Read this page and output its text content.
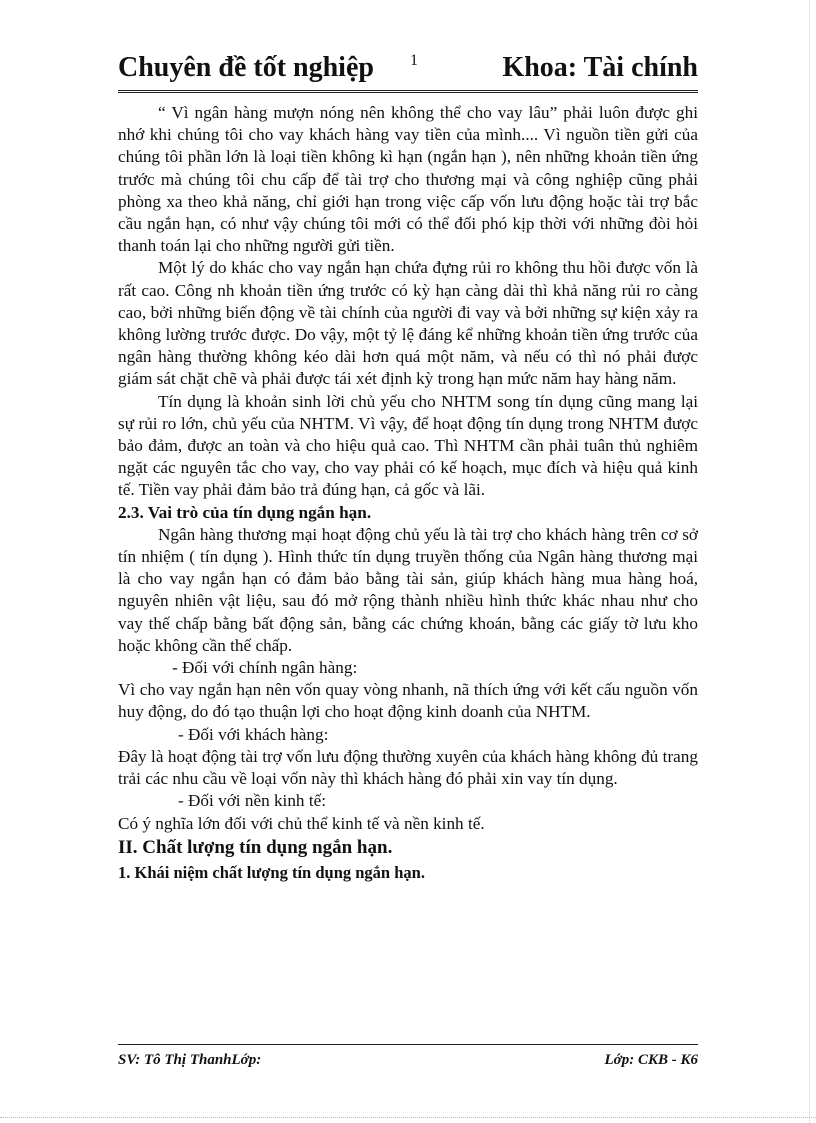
Chuyên đề tốt nghiệp 1	Khoa: Tài chính

“ Vì ngân hàng mượn nóng nên không thể cho vay lâu” phải luôn được ghi nhớ khi chúng tôi cho vay khách hàng vay tiền của mình.... Vì nguồn tiền gửi của chúng tôi phần lớn là loại tiền không kì hạn (ngắn hạn ), nên những khoản tiền ứng trước mà chúng tôi chu cấp để tài trợ cho thương mại và công nghiệp cũng phải phòng xa theo khả năng, chỉ giới hạn trong việc cấp vốn lưu động hoặc tài trợ bắc cầu ngắn hạn, có như vậy chúng tôi mới có thể đối phó kịp thời với những đòi hỏi thanh toán lại cho những người gửi tiền.

Một lý do khác cho vay ngắn hạn chứa đựng rủi ro không thu hồi được vốn là rất cao. Công nh khoản tiền ứng trước có kỳ hạn càng dài thì khả năng rủi ro càng cao, bởi những biến động về tài chính của người đi vay và bởi những sự kiện xảy ra không lường trước được. Do vậy, một tỷ lệ đáng kể những khoản tiền ứng trước của ngân hàng thường không kéo dài hơn quá một năm, và nếu có thì nó phải được giám sát chặt chẽ và phải được tái xét định kỳ trong hạn mức năm hay hàng năm.

Tín dụng là khoản sinh lời chủ yếu cho NHTM song tín dụng cũng mang lại sự rủi ro lớn, chủ yếu của NHTM. Vì vậy, để hoạt động tín dụng trong NHTM được bảo đảm, được an toàn và cho hiệu quả cao. Thì NHTM cần phải tuân thủ nghiêm ngặt các nguyên tắc cho vay, cho vay phải có kế hoạch, mục đích và hiệu quả kinh tế. Tiền vay phải đảm bảo trả đúng hạn, cả gốc và lãi.

2.3. Vai trò của tín dụng ngắn hạn.

Ngân hàng thương mại hoạt động chủ yếu là tài trợ cho khách hàng trên cơ sở tín nhiệm ( tín dụng ). Hình thức tín dụng truyền thống của Ngân hàng thương mại là cho vay ngắn hạn có đảm bảo bằng tài sản, giúp khách hàng mua hàng hoá, nguyên nhiên vật liệu, sau đó mở rộng thành nhiều hình thức khác nhau như cho vay thế chấp bằng bất động sản, bằng các chứng khoán, bằng các giấy tờ lưu kho hoặc không cần thế chấp.

- Đối với chính ngân hàng:

Vì cho vay ngắn hạn nên vốn quay vòng nhanh, nã thích ứng với kết cấu nguồn vốn huy động, do đó tạo thuận lợi cho hoạt động kinh doanh của NHTM.

- Đối với khách hàng:

Đây là hoạt động tài trợ vốn lưu động thường xuyên của khách hàng không đủ trang trải các nhu cầu về loại vốn này thì khách hàng đó phải xin vay tín dụng.

- Đối với nền kinh tế:

Có ý nghĩa lớn đối với chủ thể kinh tế và nền kinh tế.

II. Chất lượng tín dụng ngắn hạn.

1. Khái niệm chất lượng tín dụng ngắn hạn.

SV: Tô Thị ThanhLớp:	Lớp: CKB - K6
